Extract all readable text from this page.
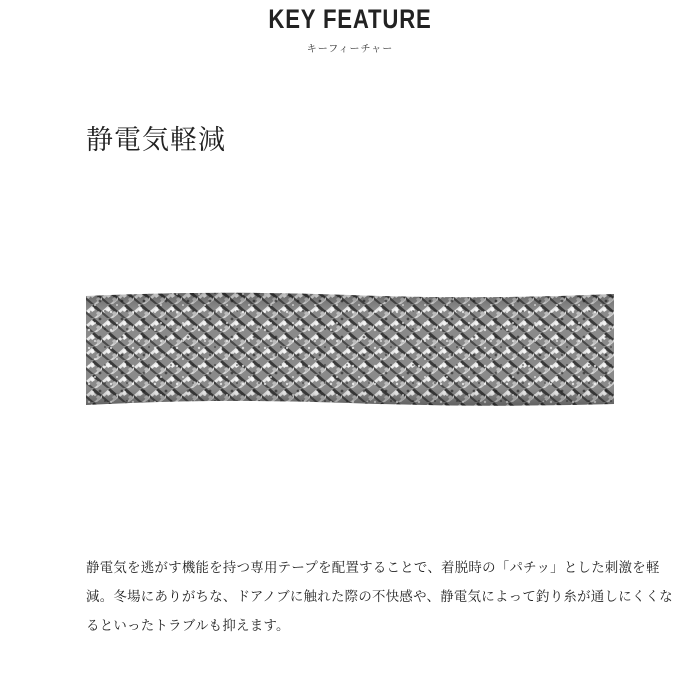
KEY FEATURE
キーフィーチャー
静電気軽減
静電気を逃がす機能を持つ専用テープを配置することで、着脱時の「パチッ」とした刺激を軽
減。冬場にありがちな、ドアノブに触れた際の不快感や、静電気によって釣り糸が通しにくくな
るといったトラブルも抑えます。
